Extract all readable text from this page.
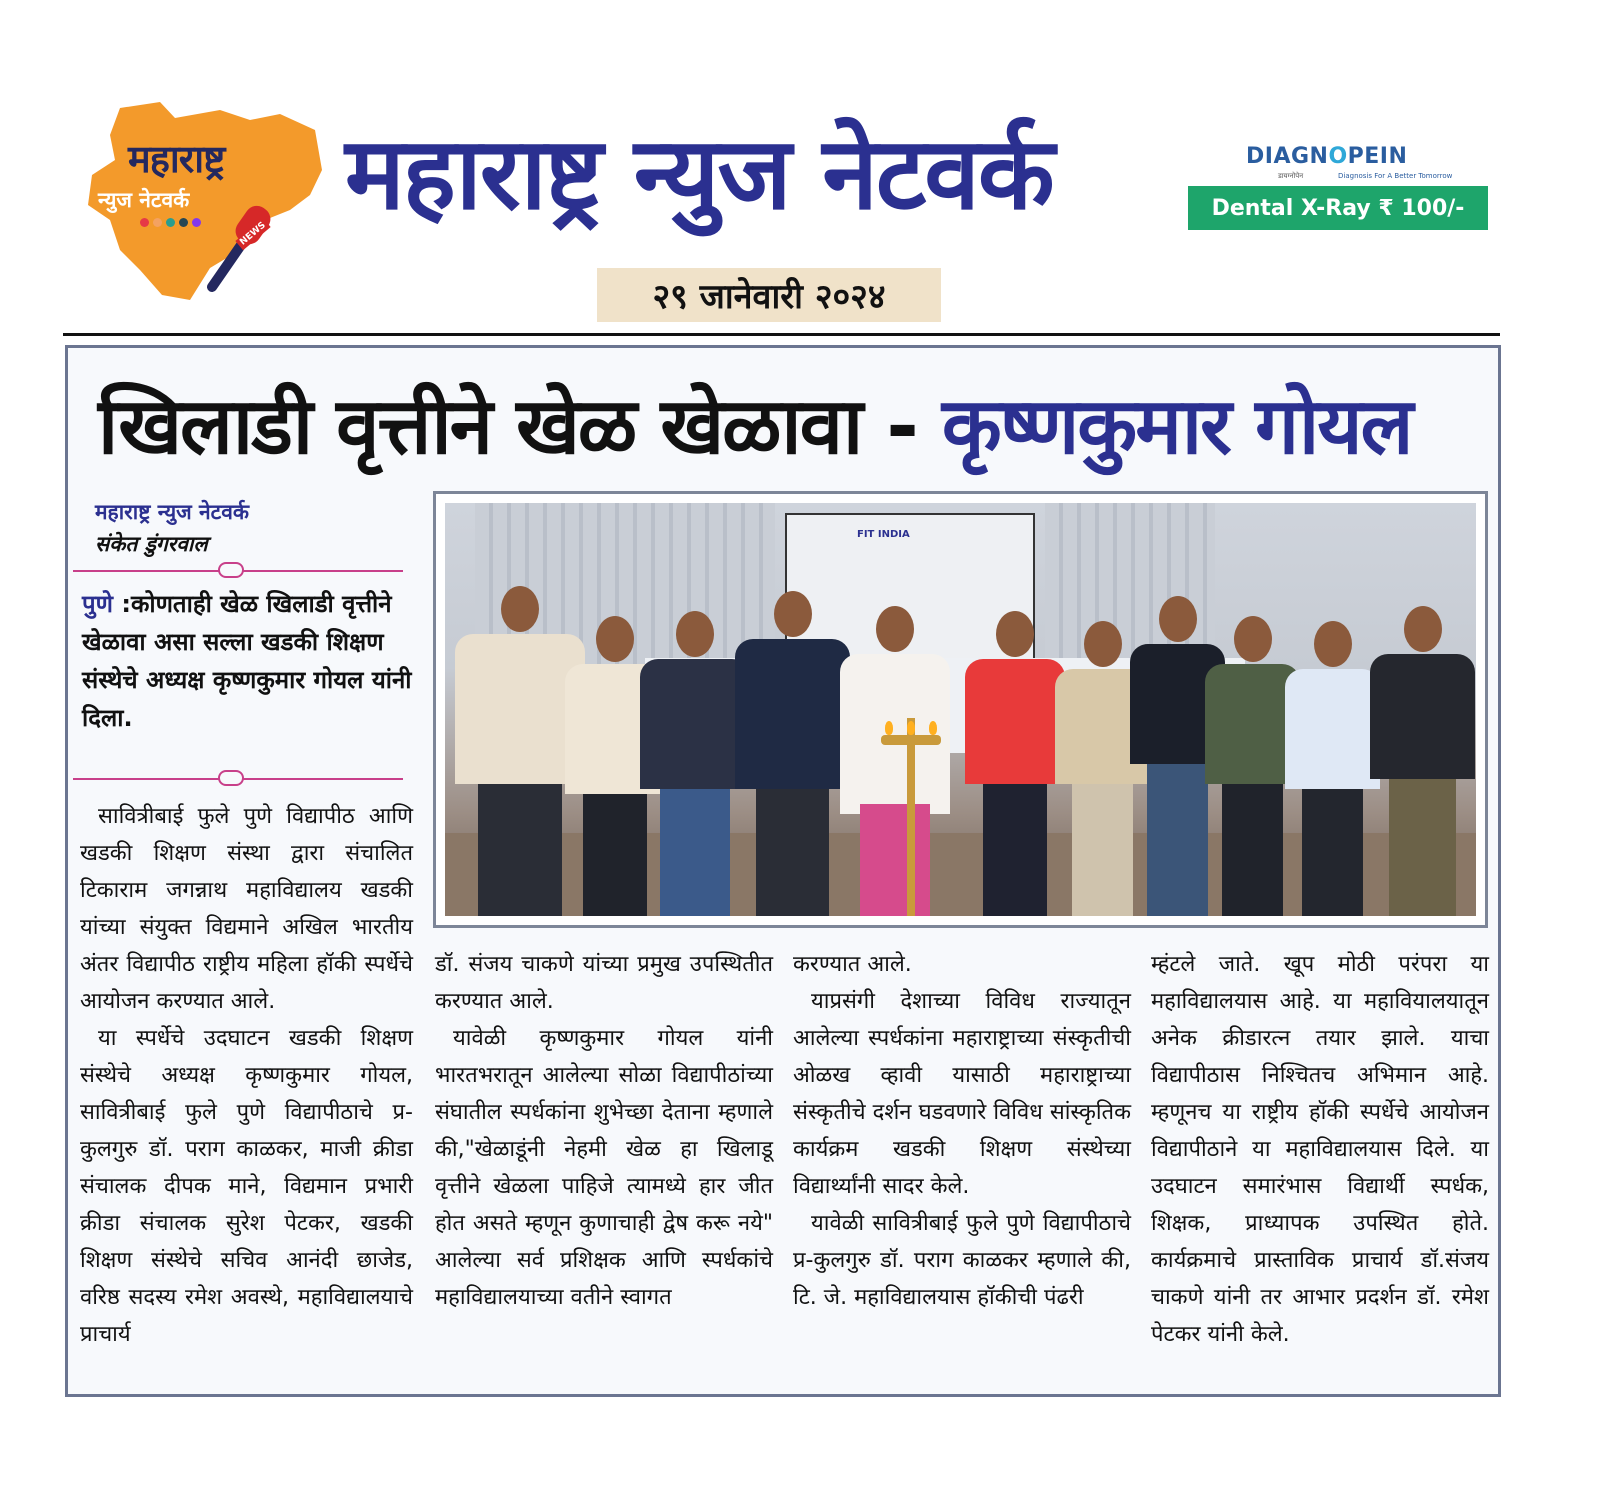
महाराष्ट्र
न्युज नेटवर्क
NEWS
महाराष्ट्र न्युज नेटवर्क	DIAGNOPEIN
डायग्नोपेन	Diagnosis For A Better Tomorrow
Dental X-Ray ₹ 100/-
२९ जानेवारी २०२४
खिलाडी वृत्तीने खेळ खेळावा - कृष्णकुमार गोयल
महाराष्ट्र न्युज नेटवर्क
संकेत डुंगरवाल
पुणे :कोणताही खेळ खिलाडी वृत्तीने खेळावा असा सल्ला खडकी शिक्षण संस्थेचे अध्यक्ष कृष्णकुमार गोयल यांनी दिला.
FIT INDIA

सावित्रीबाई फुले पुणे विद्यापीठ आणि खडकी शिक्षण संस्था द्वारा संचालित टिकाराम जगन्नाथ महाविद्यालय खडकी यांच्या संयुक्त विद्यमाने अखिल भारतीय अंतर विद्यापीठ राष्ट्रीय महिला हॉकी स्पर्धेचे आयोजन करण्यात आले.

या स्पर्धेचे उदघाटन खडकी शिक्षण संस्थेचे अध्यक्ष कृष्णकुमार गोयल, सावित्रीबाई फुले पुणे विद्यापीठाचे प्र-कुलगुरु डॉ. पराग काळकर, माजी क्रीडा संचालक दीपक माने, विद्यमान प्रभारी क्रीडा संचालक सुरेश पेटकर, खडकी शिक्षण संस्थेचे सचिव आनंदी छाजेड, वरिष्ठ सदस्य रमेश अवस्थे, महाविद्यालयाचे प्राचार्य

डॉ. संजय चाकणे यांच्या प्रमुख उपस्थितीत करण्यात आले.

यावेळी कृष्णकुमार गोयल यांनी भारतभरातून आलेल्या सोळा विद्यापीठांच्या संघातील स्पर्धकांना शुभेच्छा देताना म्हणाले की,"खेळाडूंनी नेहमी खेळ हा खिलाडू वृत्तीने खेळला पाहिजे त्यामध्ये हार जीत होत असते म्हणून कुणाचाही द्वेष करू नये" आलेल्या सर्व प्रशिक्षक आणि स्पर्धकांचे महाविद्यालयाच्या वतीने स्वागत

करण्यात आले.

याप्रसंगी देशाच्या विविध राज्यातून आलेल्या स्पर्धकांना महाराष्ट्राच्या संस्कृतीची ओळख व्हावी यासाठी महाराष्ट्राच्या संस्कृतीचे दर्शन घडवणारे विविध सांस्कृतिक कार्यक्रम खडकी शिक्षण संस्थेच्या विद्यार्थ्यांनी सादर केले.

यावेळी सावित्रीबाई फुले पुणे विद्यापीठाचे प्र-कुलगुरु डॉ. पराग काळकर म्हणाले की, टि. जे. महाविद्यालयास हॉकीची पंढरी

म्हंटले जाते. खूप मोठी परंपरा या महाविद्यालयास आहे. या महावियालयातून अनेक क्रीडारत्न तयार झाले. याचा विद्यापीठास निश्चितच अभिमान आहे. म्हणूनच या राष्ट्रीय हॉकी स्पर्धेचे आयोजन विद्यापीठाने या महाविद्यालयास दिले. या उदघाटन समारंभास विद्यार्थी स्पर्धक, शिक्षक, प्राध्यापक उपस्थित होते. कार्यक्रमाचे प्रास्ताविक प्राचार्य डॉ.संजय चाकणे यांनी तर आभार प्रदर्शन डॉ. रमेश पेटकर यांनी केले.
